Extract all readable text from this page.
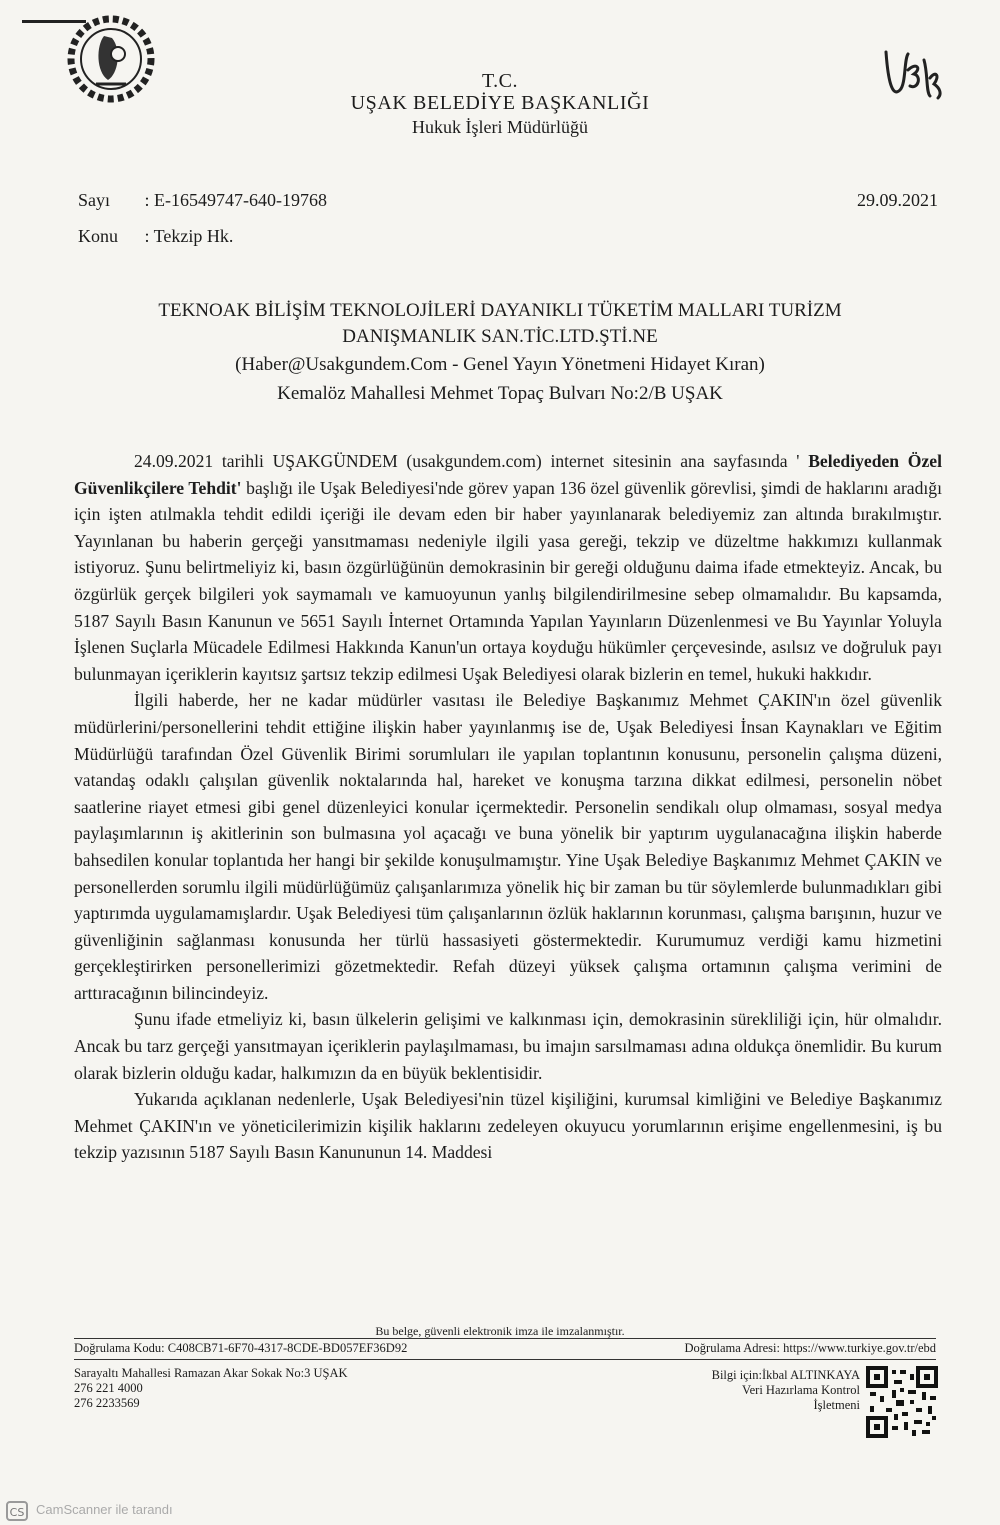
T.C.
UŞAK BELEDİYE BAŞKANLIĞI
Hukuk İşleri Müdürlüğü
Sayı : E-16549747-640-19768
Konu : Tekzip Hk.
29.09.2021
TEKNOAK BİLİŞİM TEKNOLOJİLERİ DAYANIKLI TÜKETİM MALLARI TURİZM
DANIŞMANLIK SAN.TİC.LTD.ŞTİ.NE
(Haber@Usakgundem.Com - Genel Yayın Yönetmeni Hidayet Kıran)
Kemalöz Mahallesi Mehmet Topaç Bulvarı No:2/B UŞAK

24.09.2021 tarihli UŞAKGÜNDEM (usakgundem.com) internet sitesinin ana sayfasında ' Belediyeden Özel Güvenlikçilere Tehdit' başlığı ile Uşak Belediyesi'nde görev yapan 136 özel güvenlik görevlisi, şimdi de haklarını aradığı için işten atılmakla tehdit edildi içeriği ile devam eden bir haber yayınlanarak belediyemiz zan altında bırakılmıştır. Yayınlanan bu haberin gerçeği yansıtmaması nedeniyle ilgili yasa gereği, tekzip ve düzeltme hakkımızı kullanmak istiyoruz. Şunu belirtmeliyiz ki, basın özgürlüğünün demokrasinin bir gereği olduğunu daima ifade etmekteyiz. Ancak, bu özgürlük gerçek bilgileri yok saymamalı ve kamuoyunun yanlış bilgilendirilmesine sebep olmamalıdır. Bu kapsamda, 5187 Sayılı Basın Kanunun ve 5651 Sayılı İnternet Ortamında Yapılan Yayınların Düzenlenmesi ve Bu Yayınlar Yoluyla İşlenen Suçlarla Mücadele Edilmesi Hakkında Kanun'un ortaya koyduğu hükümler çerçevesinde, asılsız ve doğruluk payı bulunmayan içeriklerin kayıtsız şartsız tekzip edilmesi Uşak Belediyesi olarak bizlerin en temel, hukuki hakkıdır.

İlgili haberde, her ne kadar müdürler vasıtası ile Belediye Başkanımız Mehmet ÇAKIN'ın özel güvenlik müdürlerini/personellerini tehdit ettiğine ilişkin haber yayınlanmış ise de, Uşak Belediyesi İnsan Kaynakları ve Eğitim Müdürlüğü tarafından Özel Güvenlik Birimi sorumluları ile yapılan toplantının konusunu, personelin çalışma düzeni, vatandaş odaklı çalışılan güvenlik noktalarında hal, hareket ve konuşma tarzına dikkat edilmesi, personelin nöbet saatlerine riayet etmesi gibi genel düzenleyici konular içermektedir. Personelin sendikalı olup olmaması, sosyal medya paylaşımlarının iş akitlerinin son bulmasına yol açacağı ve buna yönelik bir yaptırım uygulanacağına ilişkin haberde bahsedilen konular toplantıda her hangi bir şekilde konuşulmamıştır. Yine Uşak Belediye Başkanımız Mehmet ÇAKIN ve personellerden sorumlu ilgili müdürlüğümüz çalışanlarımıza yönelik hiç bir zaman bu tür söylemlerde bulunmadıkları gibi yaptırımda uygulamamışlardır. Uşak Belediyesi tüm çalışanlarının özlük haklarının korunması, çalışma barışının, huzur ve güvenliğinin sağlanması konusunda her türlü hassasiyeti göstermektedir. Kurumumuz verdiği kamu hizmetini gerçekleştirirken personellerimizi gözetmektedir. Refah düzeyi yüksek çalışma ortamının çalışma verimini de arttıracağının bilincindeyiz.

Şunu ifade etmeliyiz ki, basın ülkelerin gelişimi ve kalkınması için, demokrasinin sürekliliği için, hür olmalıdır. Ancak bu tarz gerçeği yansıtmayan içeriklerin paylaşılmaması, bu imajın sarsılmaması adına oldukça önemlidir. Bu kurum olarak bizlerin olduğu kadar, halkımızın da en büyük beklentisidir.

Yukarıda açıklanan nedenlerle, Uşak Belediyesi'nin tüzel kişiliğini, kurumsal kimliğini ve Belediye Başkanımız Mehmet ÇAKIN'ın ve yöneticilerimizin kişilik haklarını zedeleyen okuyucu yorumlarının erişime engellenmesini, iş bu tekzip yazısının 5187 Sayılı Basın Kanununun 14. Maddesi

Bu belge, güvenli elektronik imza ile imzalanmıştır.
Doğrulama Kodu: C408CB71-6F70-4317-8CDE-BD057EF36D92	Doğrulama Adresi: https://www.turkiye.gov.tr/ebd
Sarayaltı Mahallesi Ramazan Akar Sokak No:3 UŞAK
276 221 4000
276 2233569
Bilgi için:İkbal ALTINKAYA
Veri Hazırlama Kontrol
İşletmeni
CS CamScanner ile tarandı
